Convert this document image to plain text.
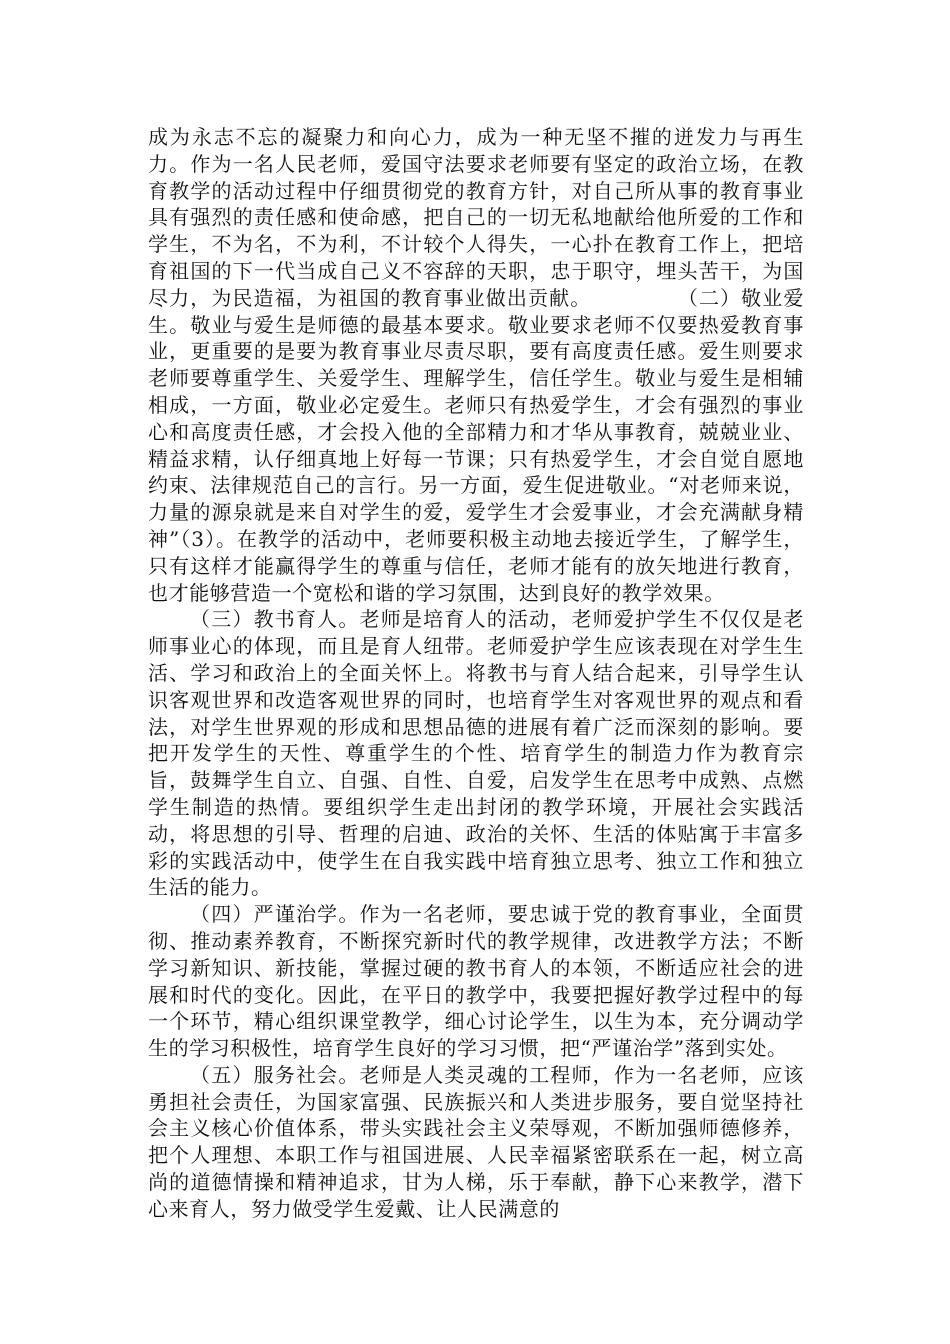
成为永志不忘的凝聚力和向心力，成为一种无坚不摧的迸发力与再生力。作为一名人民老师，爱国守法要求老师要有坚定的政治立场，在教育教学的活动过程中仔细贯彻党的教育方针，对自己所从事的教育事业具有强烈的责任感和使命感，把自己的一切无私地献给他所爱的工作和学生，不为名，不为利，不计较个人得失，一心扑在教育工作上，把培育祖国的下一代当成自己义不容辞的天职，忠于职守，埋头苦干，为国尽力，为民造福，为祖国的教育事业做出贡献。	（二）敬业爱生。敬业与爱生是师德的最基本要求。敬业要求老师不仅要热爱教育事业，更重要的是要为教育事业尽责尽职，要有高度责任感。爱生则要求老师要尊重学生、关爱学生、理解学生，信任学生。敬业与爱生是相辅相成，一方面，敬业必定爱生。老师只有热爱学生，才会有强烈的事业心和高度责任感，才会投入他的全部精力和才华从事教育，兢兢业业、精益求精，认仔细真地上好每一节课；只有热爱学生，才会自觉自愿地约束、法律规范自己的言行。另一方面，爱生促进敬业。“对老师来说，力量的源泉就是来自对学生的爱，爱学生才会爱事业，才会充满献身精神”（3）。在教学的活动中，老师要积极主动地去接近学生，了解学生，只有这样才能赢得学生的尊重与信任，老师才能有的放矢地进行教育，也才能够营造一个宽松和谐的学习氛围，达到良好的教学效果。

（三）教书育人。老师是培育人的活动，老师爱护学生不仅仅是老师事业心的体现，而且是育人纽带。老师爱护学生应该表现在对学生生活、学习和政治上的全面关怀上。将教书与育人结合起来，引导学生认识客观世界和改造客观世界的同时，也培育学生对客观世界的观点和看法，对学生世界观的形成和思想品德的进展有着广泛而深刻的影响。要把开发学生的天性、尊重学生的个性、培育学生的制造力作为教育宗旨，鼓舞学生自立、自强、自性、自爱，启发学生在思考中成熟、点燃学生制造的热情。要组织学生走出封闭的教学环境，开展社会实践活动，将思想的引导、哲理的启迪、政治的关怀、生活的体贴寓于丰富多彩的实践活动中，使学生在自我实践中培育独立思考、独立工作和独立生活的能力。

（四）严谨治学。作为一名老师，要忠诚于党的教育事业，全面贯彻、推动素养教育，不断探究新时代的教学规律，改进教学方法；不断学习新知识、新技能，掌握过硬的教书育人的本领，不断适应社会的进展和时代的变化。因此，在平日的教学中，我要把握好教学过程中的每一个环节，精心组织课堂教学，细心讨论学生，以生为本，充分调动学生的学习积极性，培育学生良好的学习习惯，把“严谨治学”落到实处。

（五）服务社会。老师是人类灵魂的工程师，作为一名老师，应该勇担社会责任，为国家富强、民族振兴和人类进步服务，要自觉坚持社会主义核心价值体系，带头实践社会主义荣辱观，不断加强师德修养，把个人理想、本职工作与祖国进展、人民幸福紧密联系在一起，树立高尚的道德情操和精神追求，甘为人梯，乐于奉献，静下心来教学，潜下心来育人，努力做受学生爱戴、让人民满意的
